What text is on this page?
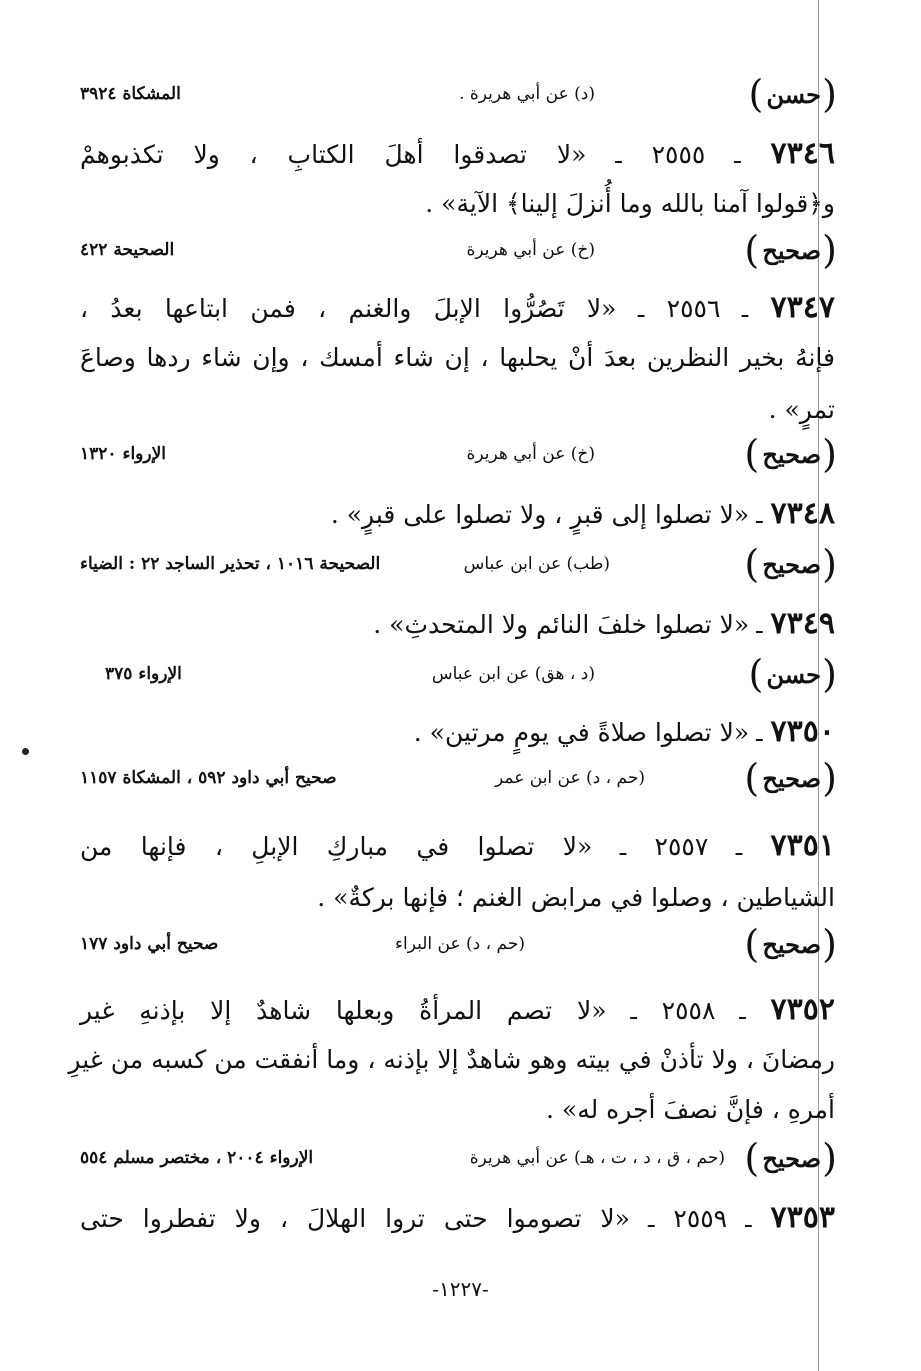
( حسن )
(د) عن أبي هريرة .
المشكاة ٣٩٢٤
٧٣٤٦ ـ ٢٥٥٥ ـ «لا تصدقوا أهلَ الكتابِ ، ولا تكذبوهمْ
و﴿قولوا آمنا بالله وما أُنزلَ إلينا﴾ الآية» .
( صحيح )
(خ) عن أبي هريرة
الصحيحة ٤٢٢
٧٣٤٧ ـ ٢٥٥٦ ـ «لا تَصُرُّوا الإبلَ والغنم ، فمن ابتاعها بعدُ ،
فإنهُ بخير النظرين بعدَ أنْ يحلبها ، إن شاء أمسك ، وإن شاء ردها وصاعَ
تمرٍ» .
( صحيح )
(خ) عن أبي هريرة
الإرواء ١٣٢٠
٧٣٤٨ ـ «لا تصلوا إلى قبرٍ ، ولا تصلوا على قبرٍ» .
( صحيح )
(طب) عن ابن عباس
الصحيحة ١٠١٦ ، تحذير الساجد ٢٢ : الضياء
٧٣٤٩ ـ «لا تصلوا خلفَ النائم ولا المتحدثِ» .
( حسن )
(د ، هق) عن ابن عباس
الإرواء ٣٧٥
٧٣٥٠ ـ «لا تصلوا صلاةً في يومٍ مرتين» .
( صحيح )
(حم ، د) عن ابن عمر
صحيح أبي داود ٥٩٢ ، المشكاة ١١٥٧
٧٣٥١ ـ ٢٥٥٧ ـ «لا تصلوا في مباركِ الإبلِ ، فإنها من
الشياطين ، وصلوا في مرابض الغنم ؛ فإنها بركةٌ» .
( صحيح )
(حم ، د) عن البراء
صحيح أبي داود ١٧٧
٧٣٥٢ ـ ٢٥٥٨ ـ «لا تصم المرأةُ وبعلها شاهدٌ إلا بإذنهِ غير
رمضانَ ، ولا تأذنْ في بيته وهو شاهدٌ إلا بإذنه ، وما أنفقت من كسبه من غيرِ
أمرهِ ، فإنَّ نصفَ أجره له» .
( صحيح )
(حم ، ق ، د ، ت ، هـ) عن أبي هريرة
الإرواء ٢٠٠٤ ، مختصر مسلم ٥٥٤
٧٣٥٣ ـ ٢٥٥٩ ـ «لا تصوموا حتى تروا الهلالَ ، ولا تفطروا حتى
-١٢٢٧-
